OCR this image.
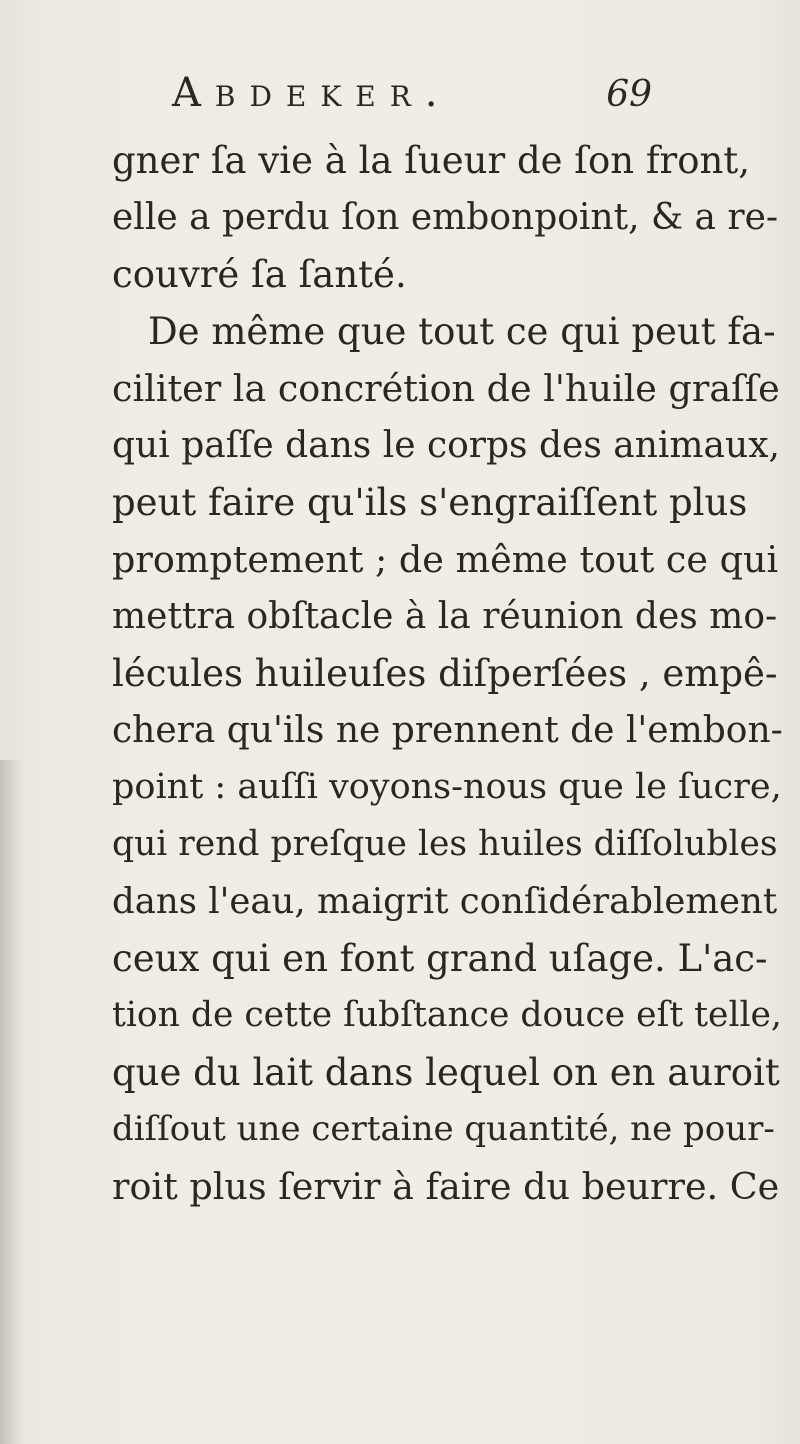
Abdeker.	69
gner ſa vie à la ſueur de ſon front,
elle a perdu ſon embonpoint, & a re-
couvré ſa ſanté.
De même que tout ce qui peut fa-
ciliter la concrétion de l'huile graſſe
qui paſſe dans le corps des animaux,
peut faire qu'ils s'engraiſſent plus
promptement ; de même tout ce qui
mettra obſtacle à la réunion des mo-
lécules huileuſes diſperſées , empê-
chera qu'ils ne prennent de l'embon-
point : auſſi voyons-nous que le ſucre,
qui rend preſque les huiles diſſolubles
dans l'eau, maigrit conſidérablement
ceux qui en font grand uſage. L'ac-
tion de cette ſubſtance douce eſt telle,
que du lait dans lequel on en auroit
diſſout une certaine quantité, ne pour-
roit plus ſervir à faire du beurre. Ce
